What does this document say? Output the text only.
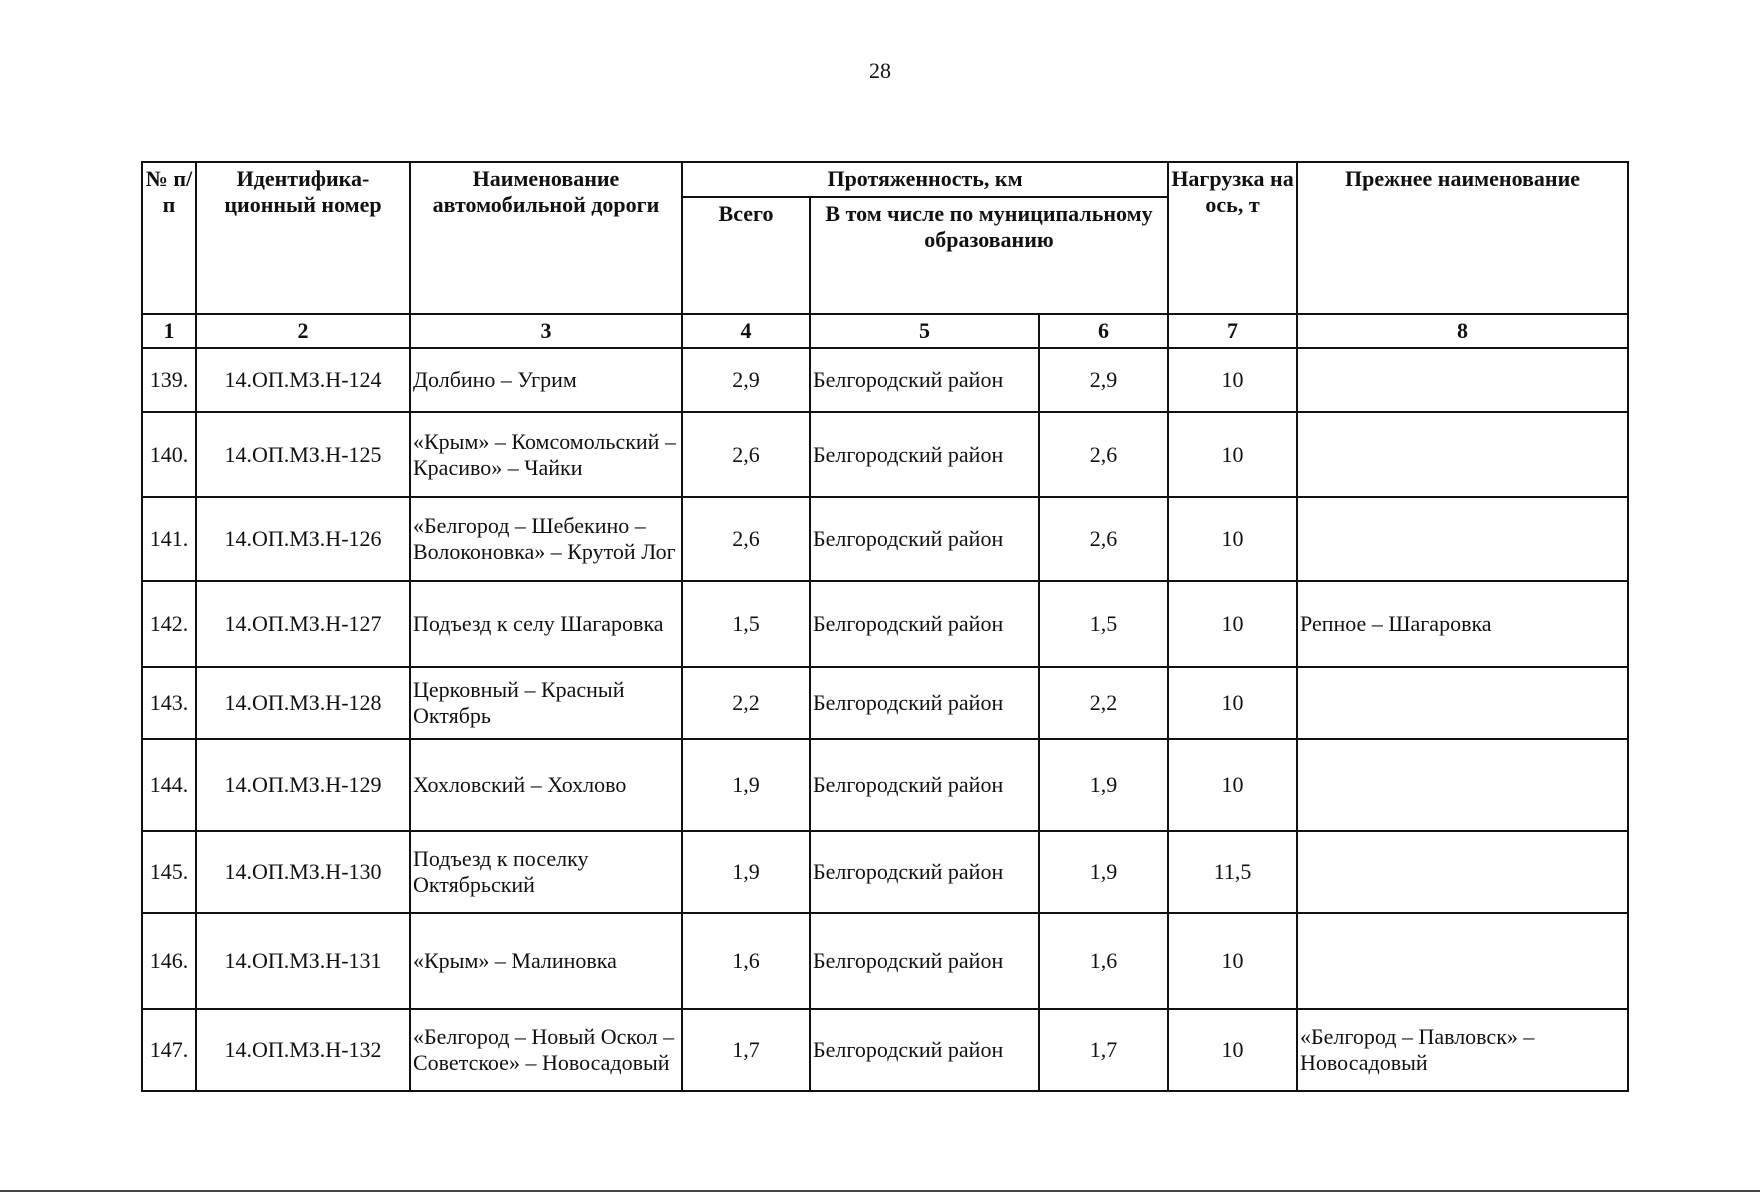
28
№ п/п	Идентифика-ционный номер	Наименование автомобильной дороги	Протяженность, км			Нагрузка на ось, т	Прежнее наименование
			Всего	В том числе по муниципальному образованию			
1	2	3	4	5	6	7	8
139.	14.ОП.МЗ.Н-124	Долбино – Угрим	2,9	Белгородский район	2,9	10	
140.	14.ОП.МЗ.Н-125	«Крым» – Комсомольский – Красиво» – Чайки	2,6	Белгородский район	2,6	10	
141.	14.ОП.МЗ.Н-126	«Белгород – Шебекино – Волоконовка» – Крутой Лог	2,6	Белгородский район	2,6	10	
142.	14.ОП.МЗ.Н-127	Подъезд к селу Шагаровка	1,5	Белгородский район	1,5	10	Репное – Шагаровка
143.	14.ОП.МЗ.Н-128	Церковный – Красный Октябрь	2,2	Белгородский район	2,2	10	
144.	14.ОП.МЗ.Н-129	Хохловский – Хохлово	1,9	Белгородский район	1,9	10	
145.	14.ОП.МЗ.Н-130	Подъезд к поселку Октябрьский	1,9	Белгородский район	1,9	11,5	
146.	14.ОП.МЗ.Н-131	«Крым» – Малиновка	1,6	Белгородский район	1,6	10	
147.	14.ОП.МЗ.Н-132	«Белгород – Новый Оскол – Советское» – Новосадовый	1,7	Белгородский район	1,7	10	«Белгород – Павловск» – Новосадовый
